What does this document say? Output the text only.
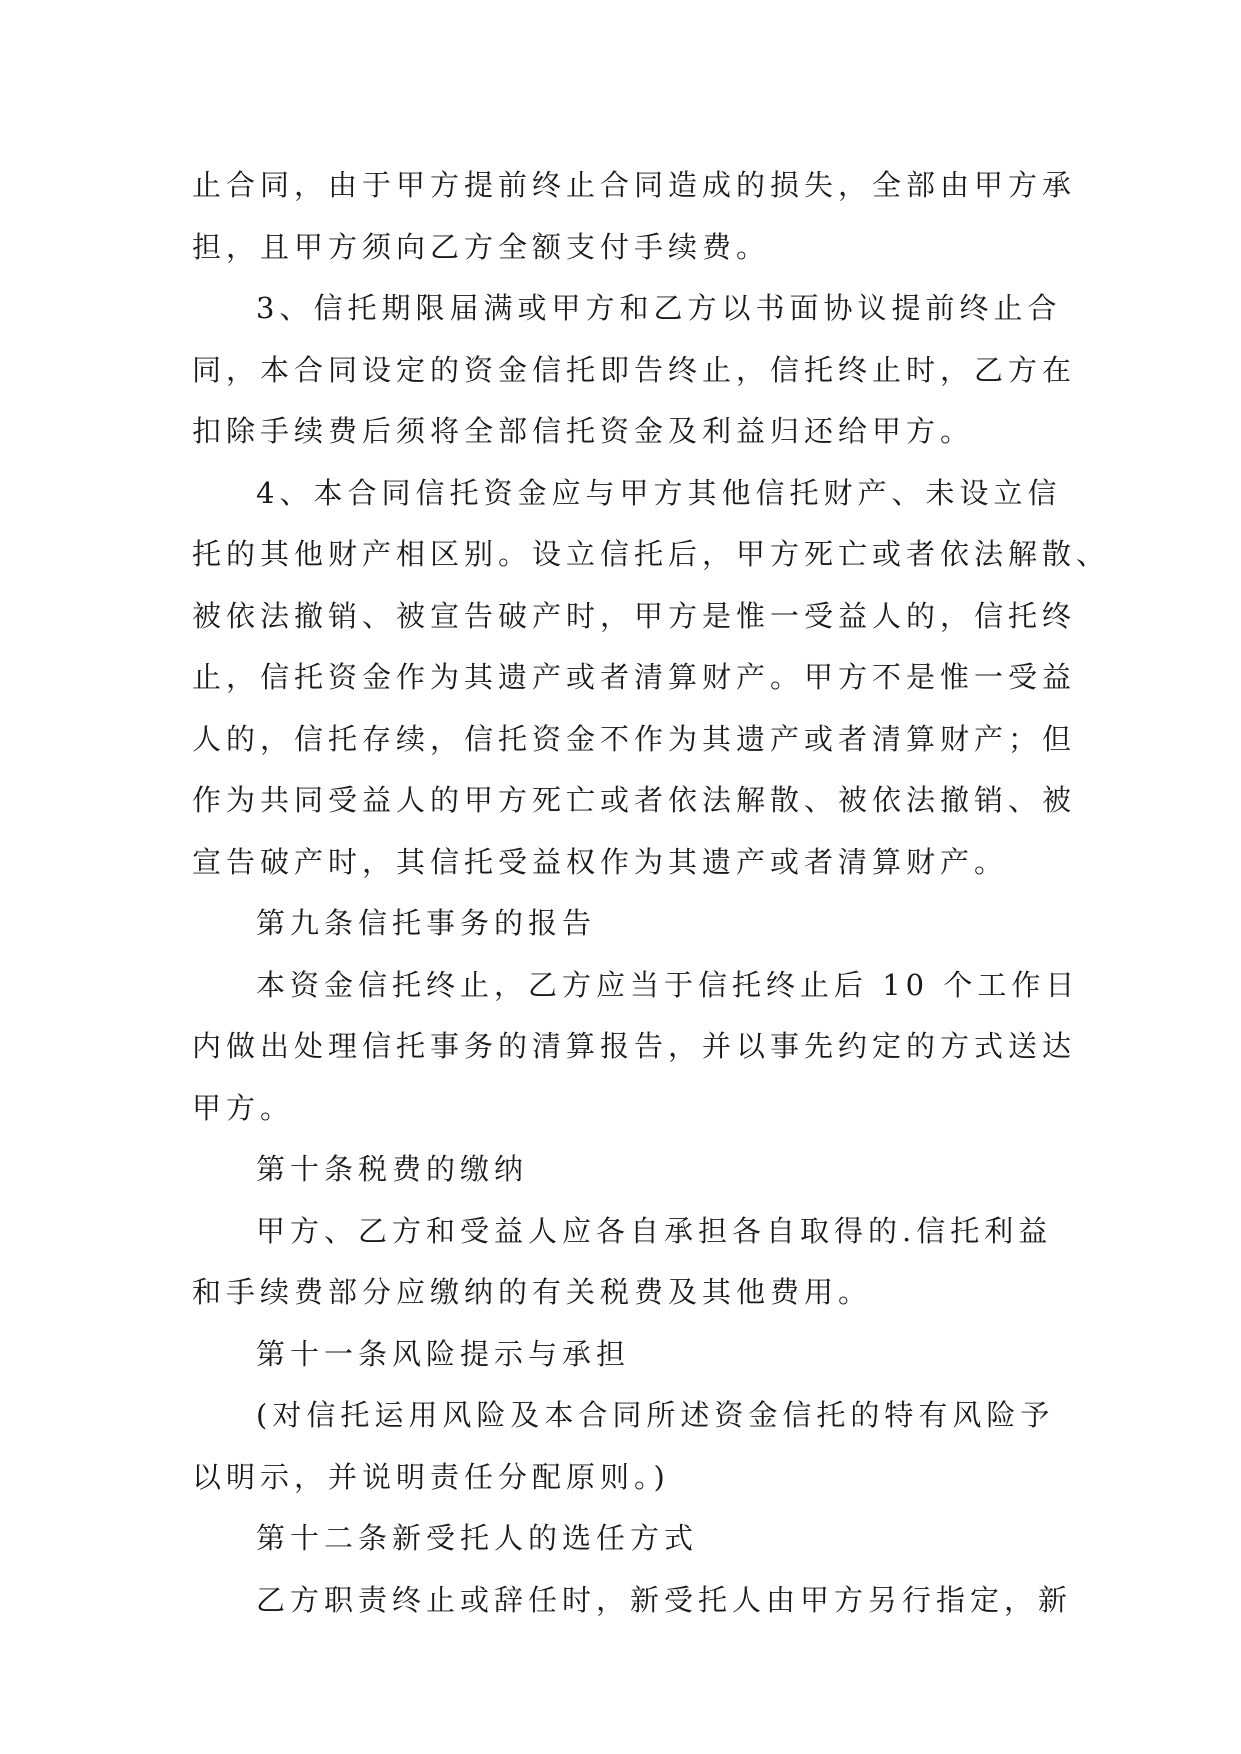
止合同，由于甲方提前终止合同造成的损失，全部由甲方承
担，且甲方须向乙方全额支付手续费。
3、信托期限届满或甲方和乙方以书面协议提前终止合
同，本合同设定的资金信托即告终止，信托终止时，乙方在
扣除手续费后须将全部信托资金及利益归还给甲方。
4、本合同信托资金应与甲方其他信托财产、未设立信
托的其他财产相区别。设立信托后，甲方死亡或者依法解散、
被依法撤销、被宣告破产时，甲方是惟一受益人的，信托终
止，信托资金作为其遗产或者清算财产。甲方不是惟一受益
人的，信托存续，信托资金不作为其遗产或者清算财产；但
作为共同受益人的甲方死亡或者依法解散、被依法撤销、被
宣告破产时，其信托受益权作为其遗产或者清算财产。
第九条信托事务的报告
本资金信托终止，乙方应当于信托终止后 10 个工作日
内做出处理信托事务的清算报告，并以事先约定的方式送达
甲方。
第十条税费的缴纳
甲方、乙方和受益人应各自承担各自取得的.信托利益
和手续费部分应缴纳的有关税费及其他费用。
第十一条风险提示与承担
(对信托运用风险及本合同所述资金信托的特有风险予
以明示，并说明责任分配原则。)
第十二条新受托人的选任方式
乙方职责终止或辞任时，新受托人由甲方另行指定，新
